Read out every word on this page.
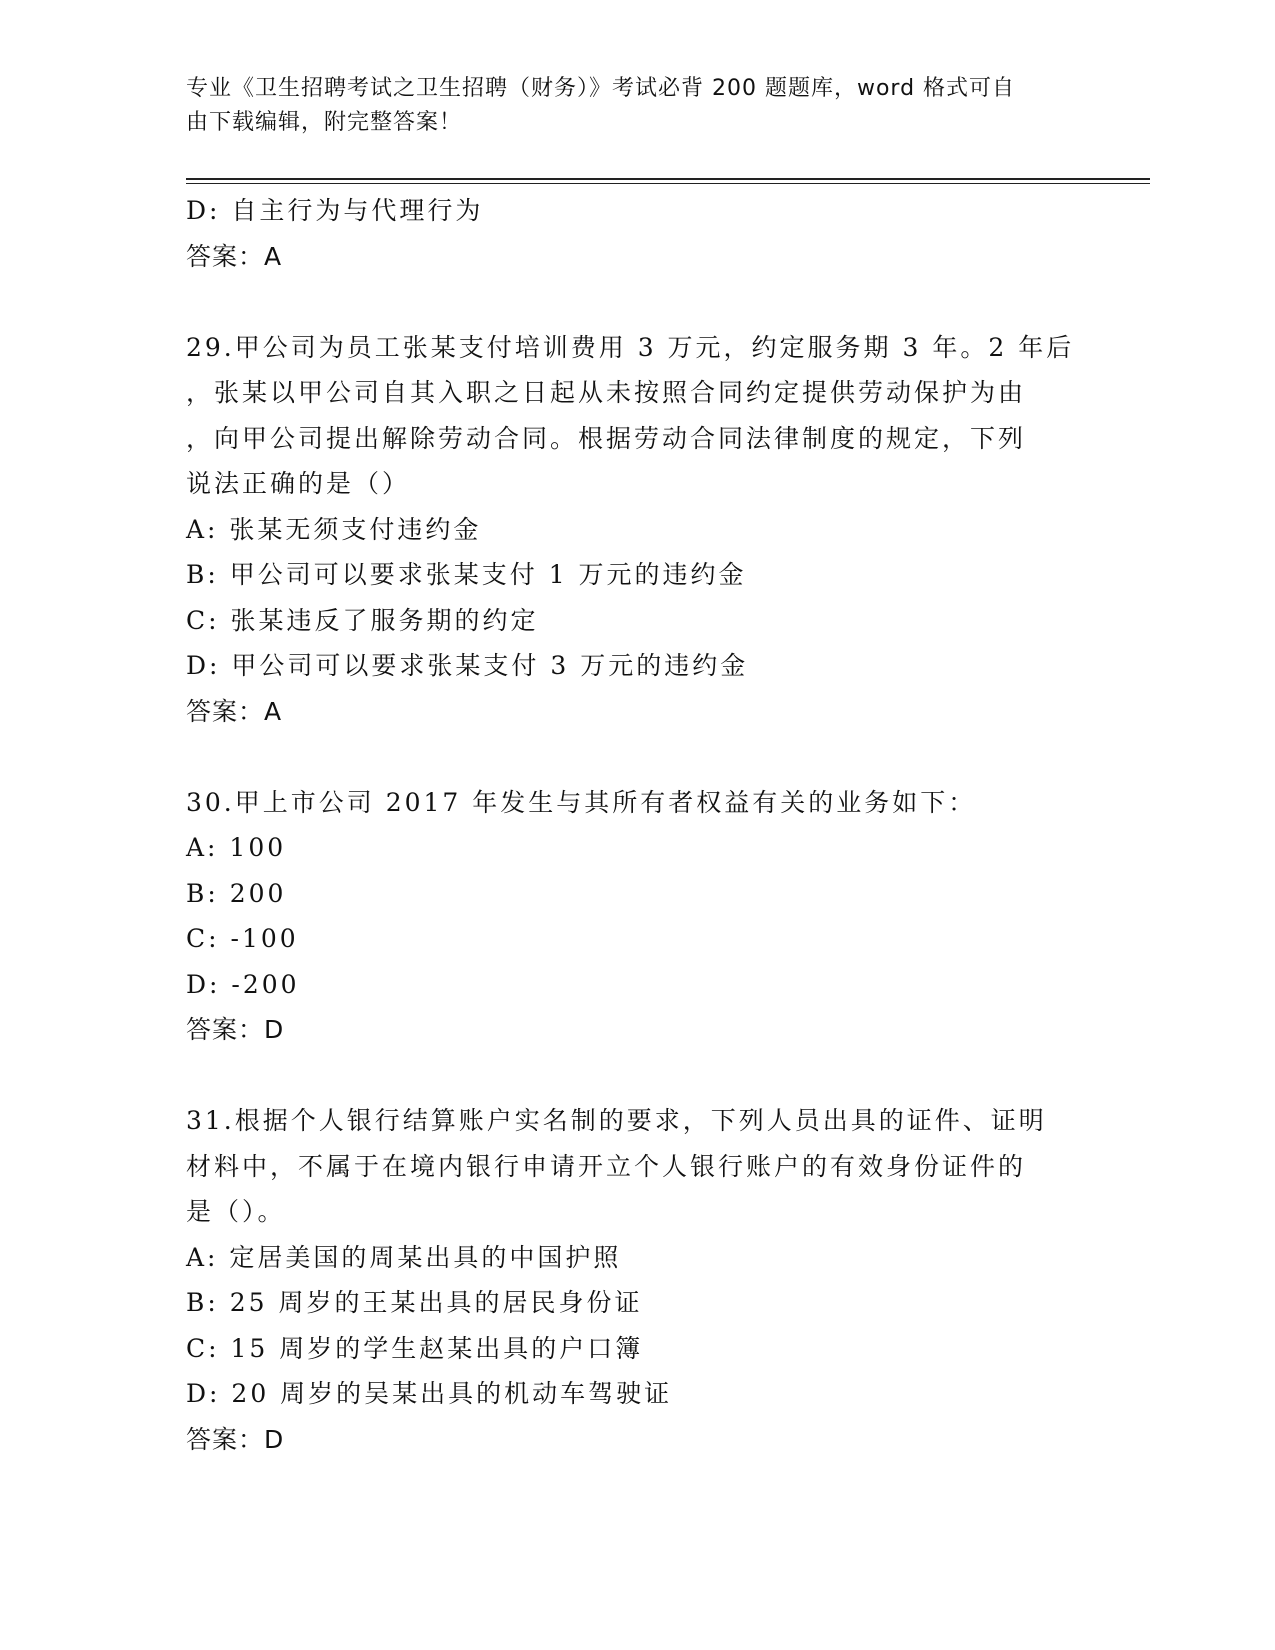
专业《卫生招聘考试之卫生招聘（财务）》考试必背 200 题题库，word 格式可自
由下载编辑，附完整答案！
D: 自主行为与代理行为
答案：A
29.甲公司为员工张某支付培训费用 3 万元，约定服务期 3 年。2 年后
，张某以甲公司自其入职之日起从未按照合同约定提供劳动保护为由
，向甲公司提出解除劳动合同。根据劳动合同法律制度的规定，下列
说法正确的是（）
A: 张某无须支付违约金
B: 甲公司可以要求张某支付 1 万元的违约金
C: 张某违反了服务期的约定
D: 甲公司可以要求张某支付 3 万元的违约金
答案：A
30.甲上市公司 2017 年发生与其所有者权益有关的业务如下：
A: 100
B: 200
C: -100
D: -200
答案：D
31.根据个人银行结算账户实名制的要求，下列人员出具的证件、证明
材料中，不属于在境内银行申请开立个人银行账户的有效身份证件的
是（）。
A: 定居美国的周某出具的中国护照
B: 25 周岁的王某出具的居民身份证
C: 15 周岁的学生赵某出具的户口簿
D: 20 周岁的吴某出具的机动车驾驶证
答案：D
